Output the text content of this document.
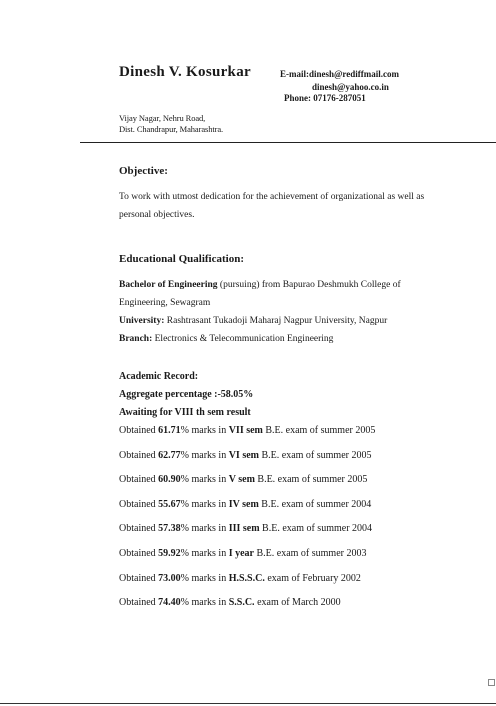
Dinesh V. Kosurkar	E-mail:dinesh@rediffmail.com
dinesh@yahoo.co.in
Phone: 07176-287051
Vijay Nagar, Nehru Road,
Dist. Chandrapur, Maharashtra.
Objective:
To work with utmost dedication for the achievement of organizational as well as personal objectives.
Educational Qualification:
Bachelor of Engineering (pursuing) from Bapurao Deshmukh College of Engineering, Sewagram
University: Rashtrasant Tukadoji Maharaj Nagpur University, Nagpur
Branch: Electronics & Telecommunication Engineering
Academic Record:
Aggregate percentage :-58.05%
Awaiting for VIII th sem result
Obtained 61.71% marks in VII sem B.E. exam of summer 2005
Obtained 62.77% marks in VI sem B.E. exam of summer 2005
Obtained 60.90% marks in V sem B.E. exam of summer 2005
Obtained 55.67% marks in IV sem B.E. exam of summer 2004
Obtained 57.38% marks in III sem B.E. exam of summer 2004
Obtained 59.92% marks in I year B.E. exam of summer 2003
Obtained 73.00% marks in H.S.S.C. exam of February 2002
Obtained 74.40% marks in S.S.C. exam of March 2000
